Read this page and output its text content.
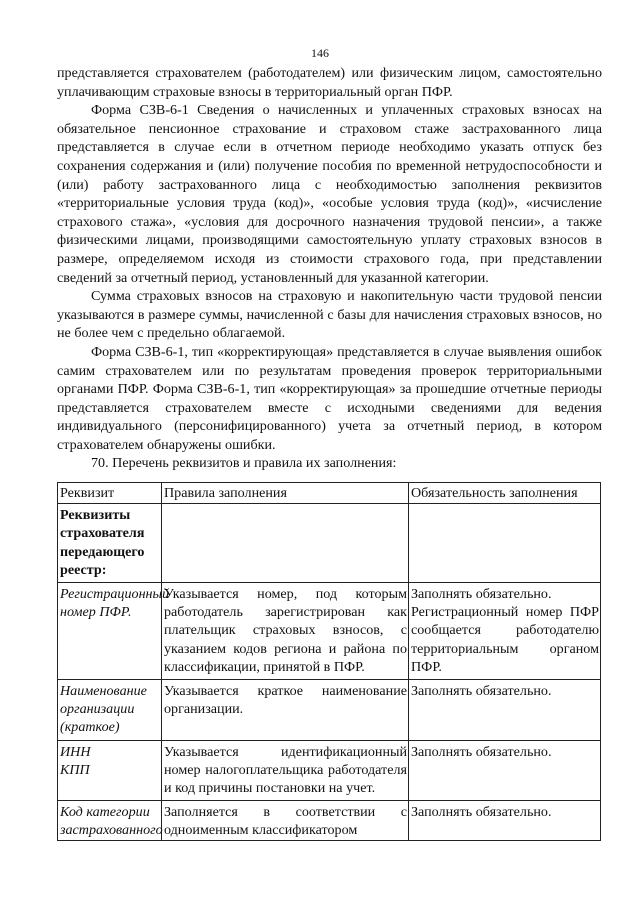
146

представляется страхователем (работодателем) или физическим лицом, самостоятельно уплачивающим страховые взносы в территориальный орган ПФР.

Форма СЗВ-6-1 Сведения о начисленных и уплаченных страховых взносах на обязательное пенсионное страхование и страховом стаже застрахованного лица представляется в случае если в отчетном периоде необходимо указать отпуск без сохранения содержания и (или) получение пособия по временной нетрудоспособности и (или) работу застрахованного лица с необходимостью заполнения реквизитов «территориальные условия труда (код)», «особые условия труда (код)», «исчисление страхового стажа», «условия для досрочного назначения трудовой пенсии», а также физическими лицами, производящими самостоятельную уплату страховых взносов в размере, определяемом исходя из стоимости страхового года, при представлении сведений за отчетный период, установленный для указанной категории.

Сумма страховых взносов на страховую и накопительную части трудовой пенсии указываются в размере суммы, начисленной с базы для начисления страховых взносов, но не более чем с предельно облагаемой.

Форма СЗВ-6-1, тип «корректирующая» представляется в случае выявления ошибок самим страхователем или по результатам проведения проверок территориальными органами ПФР. Форма СЗВ-6-1, тип «корректирующая» за прошедшие отчетные периоды представляется страхователем вместе с исходными сведениями для ведения индивидуального (персонифицированного) учета за отчетный период, в котором страхователем обнаружены ошибки.

70. Перечень реквизитов и правила их заполнения:

Реквизит	Правила заполнения	Обязательность заполнения
Реквизиты страхователя передающего реестр:		
Регистрационный номер ПФР.	Указывается номер, под которым работодатель зарегистрирован как плательщик страховых взносов, с указанием кодов региона и района по классификации, принятой в ПФР.	Заполнять обязательно.
Регистрационный номер ПФР сообщается работодателю территориальным органом ПФР.

Наименование организации (краткое)	Указывается краткое наименование организации.	Заполнять обязательно.

ИНН
КПП	Указывается идентификационный номер налогоплательщика работодателя и код причины постановки на учет.	Заполнять обязательно.
Код категории застрахованного	Заполняется в соответствии с одноименным классификатором	Заполнять обязательно.
